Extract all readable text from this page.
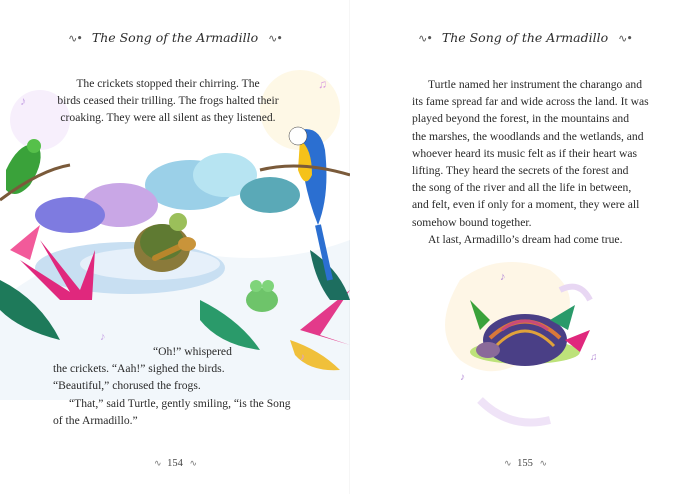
♪
♫
♪
♪
∿• The Song of the Armadillo ∿•

The crickets stopped their chirring. The

birds ceased their trilling. The frogs halted their

croaking. They were all silent as they listened.

“Oh!” whispered

the crickets. “Aah!” sighed the birds.

“Beautiful,” chorused the frogs.

“That,” said Turtle, gently smiling, “is the Song

of the Armadillo.”

∿ 154 ∿
∿• The Song of the Armadillo ∿•
♪
♫
♪

Turtle named her instrument the charango and

its fame spread far and wide across the land. It was

played beyond the forest, in the mountains and

the marshes, the woodlands and the wetlands, and

whoever heard its music felt as if their heart was

lifting. They heard the secrets of the forest and

the song of the river and all the life in between,

and felt, even if only for a moment, they were all

somehow bound together.

At last, Armadillo’s dream had come true.

∿ 155 ∿
